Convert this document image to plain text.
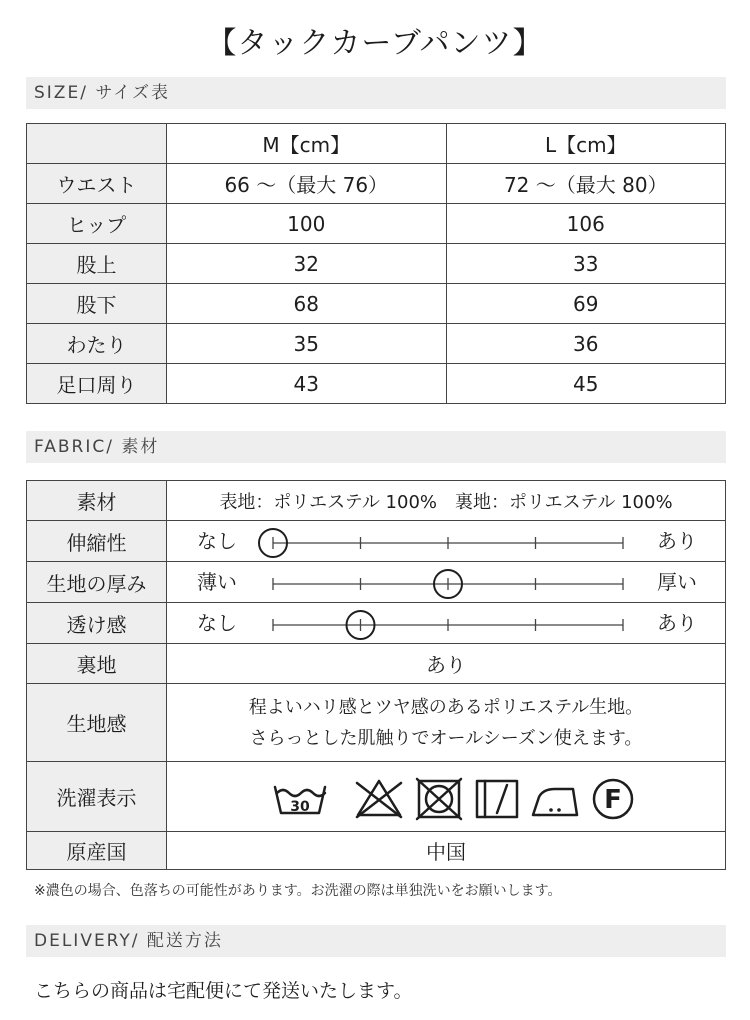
【タックカーブパンツ】
SIZE/ サイズ表
	M【cm】	L【cm】
ウエスト	66 ～（最大 76）	72 ～（最大 80）
ヒップ	100	106
股上	32	33
股下	68	69
わたり	35	36
足口周り	43	45
FABRIC/ 素材
素材	表地：ポリエステル 100%　裏地：ポリエステル 100%
伸縮性	なし あり

生地の厚み	薄い 厚い

透け感	なし あり

裏地	あり
生地感	程よいハリ感とツヤ感のあるポリエステル生地。
さらっとした肌触りでオールシーズン使えます。

洗濯表示	30 F

原産国	中国
※濃色の場合、色落ちの可能性があります。お洗濯の際は単独洗いをお願いします。
DELIVERY/ 配送方法
こちらの商品は宅配便にて発送いたします。
